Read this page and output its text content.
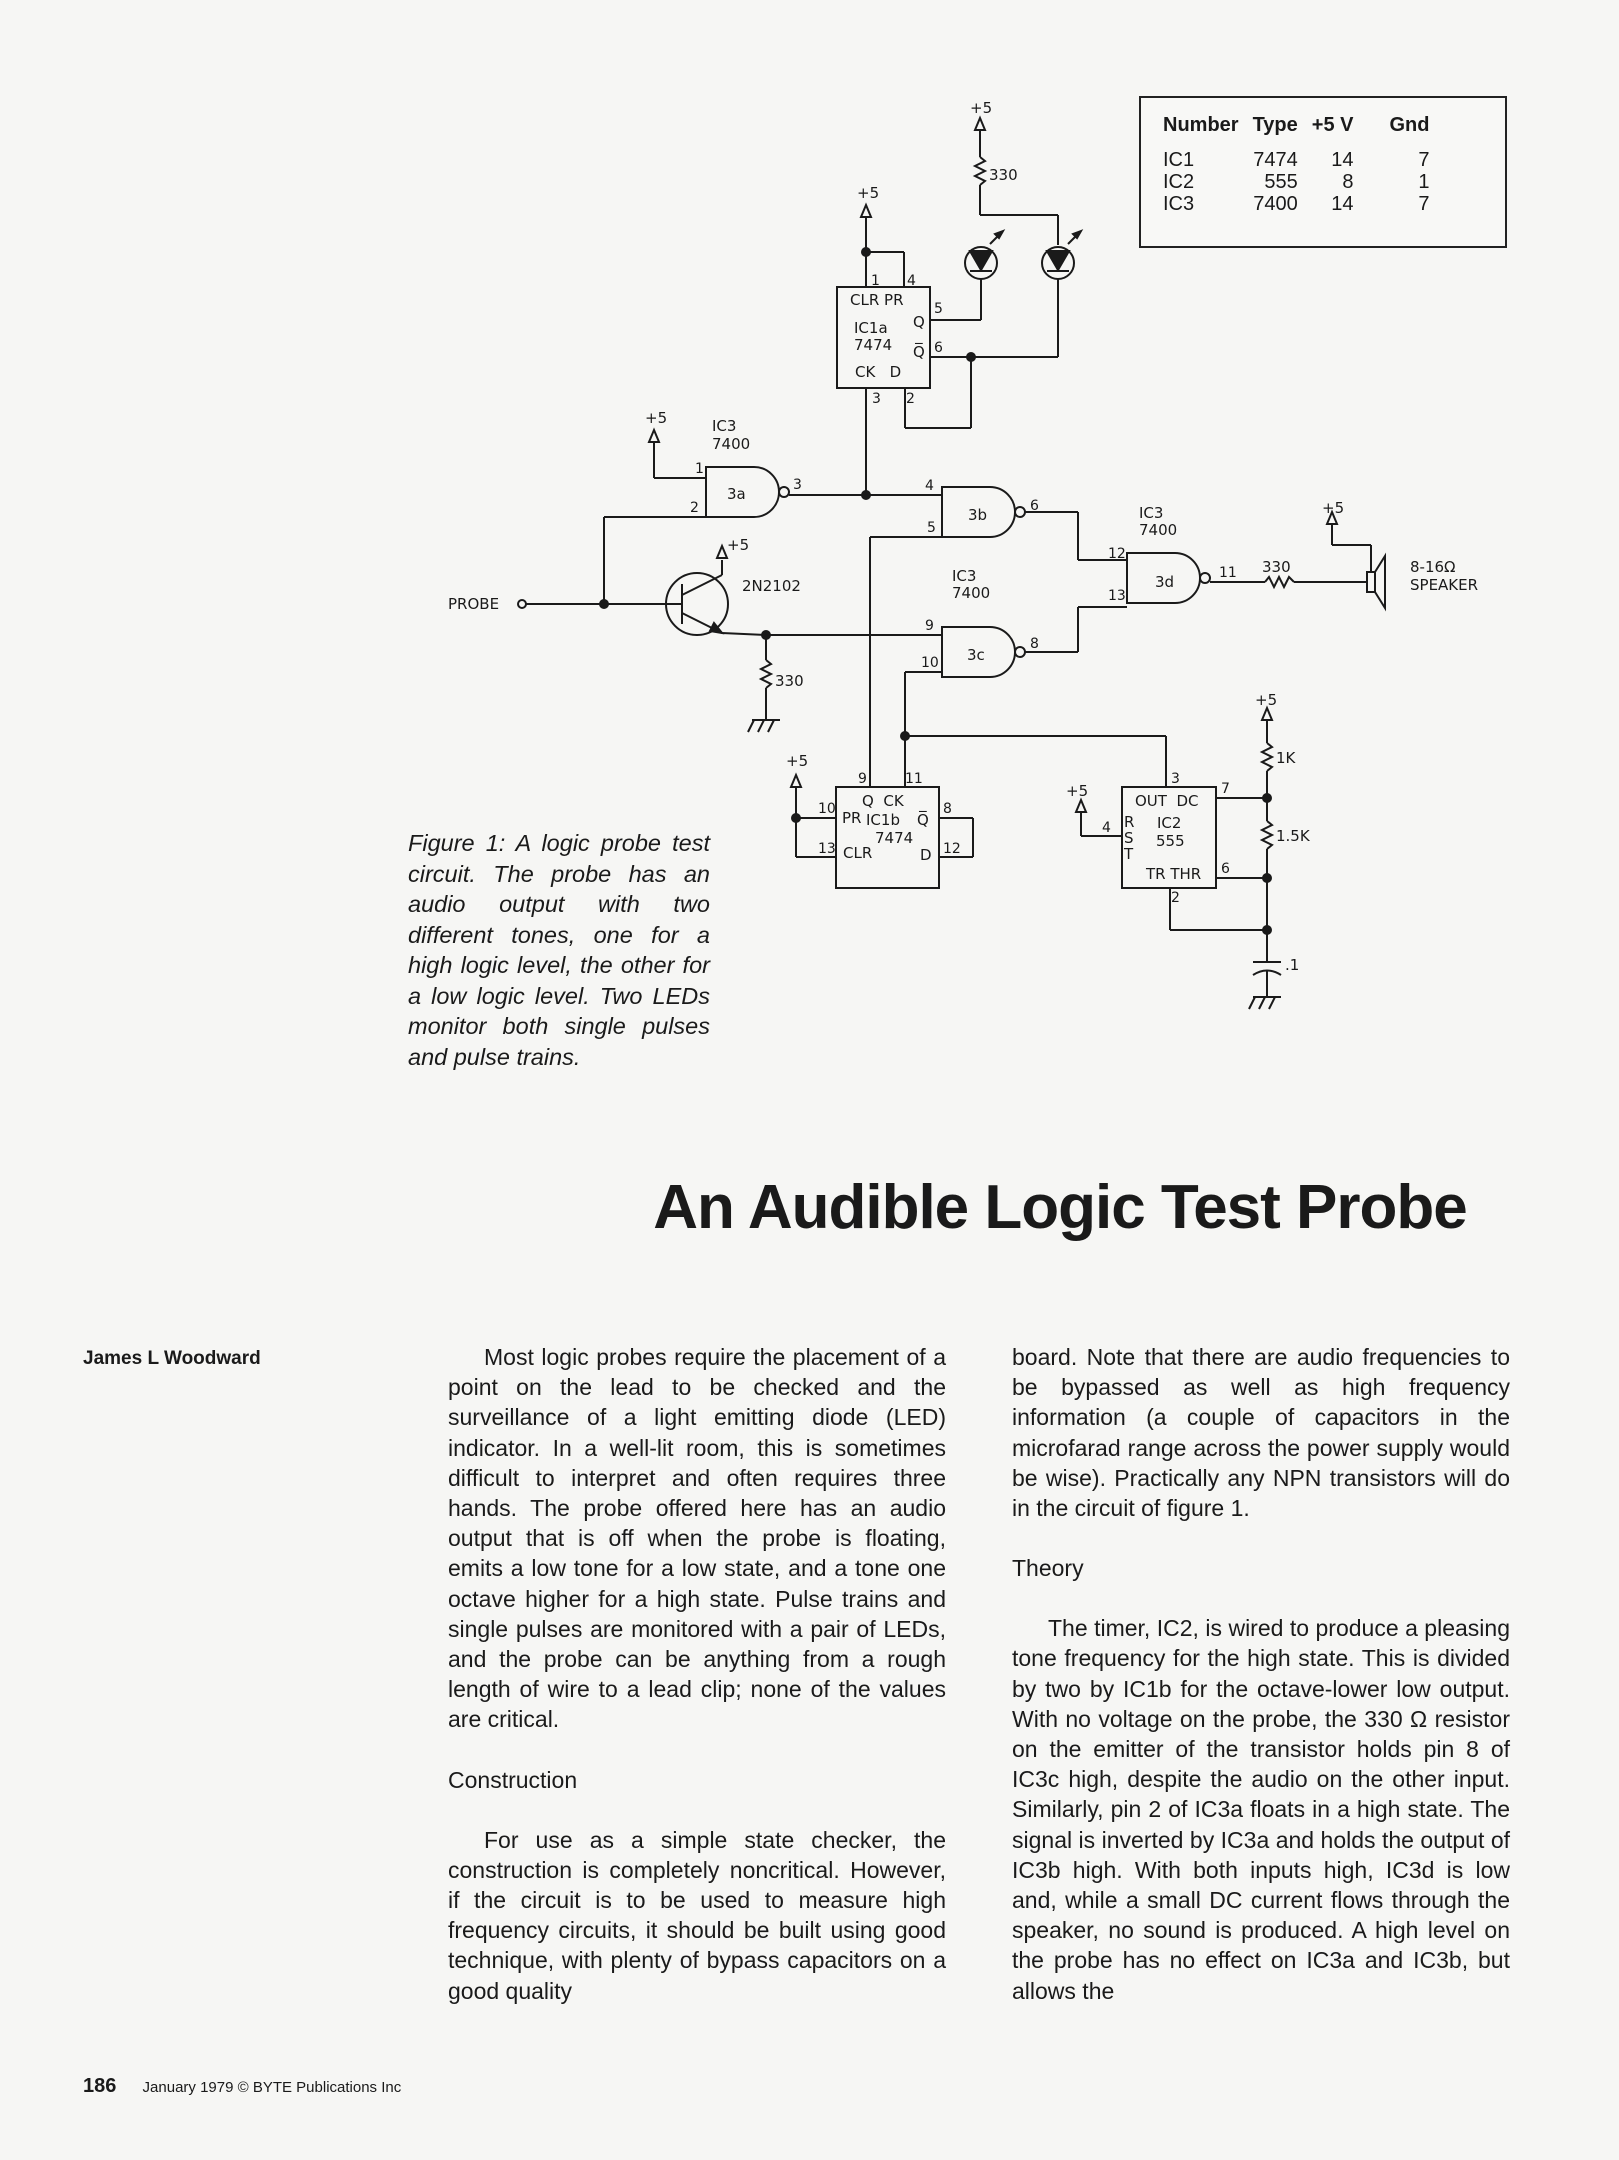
+5
330
CLR PR
IC1a Q
7474 Q̅
CK   D
1 4
5
6
3 2
+5
3a
IC3
7400
+5
1
2
3
3b
4
5
6
IC3
7400
3c
9
10
8
3d
IC3
7400
12
13
11 330
+5
8-16Ω
SPEAKER
PROBE
+5
2N2102
330
Q  CK
PR IC1b Q̅
7474
CLR	D
9	11
10
13
8
12
+5
OUT  DC
R
S
T
IC2
555
TR THR
3
7
4
6
2
+5
+5
1K
1.5K
.1
Number	Type	+5 V	Gnd
IC1	7474	14	7
IC2	555	8	1
IC3	7400	14	7
Figure 1: A logic probe test circuit. The probe has an audio output with two different tones, one for a high logic level, the other for a low logic level. Two LEDs monitor both single pulses and pulse trains.
An Audible Logic Test Probe
James L Woodward	Most logic probes require the placement of a point on the lead to be checked and the surveillance of a light emitting diode (LED) indicator. In a well-lit room, this is sometimes difficult to interpret and often requires three hands. The probe offered here has an audio output that is off when the probe is floating, emits a low tone for a low state, and a tone one octave higher for a high state. Pulse trains and single pulses are monitored with a pair of LEDs, and the probe can be anything from a rough length of wire to a lead clip; none of the values are critical.

Construction

For use as a simple state checker, the construction is completely noncritical. However, if the circuit is to be used to measure high frequency circuits, it should be built using good technique, with plenty of bypass capacitors on a good quality

board. Note that there are audio frequencies to be bypassed as well as high frequency information (a couple of capacitors in the microfarad range across the power supply would be wise). Practically any NPN transistors will do in the circuit of figure 1.

Theory

The timer, IC2, is wired to produce a pleasing tone frequency for the high state. This is divided by two by IC1b for the octave-lower low output. With no voltage on the probe, the 330 Ω resistor on the emitter of the transistor holds pin 8 of IC3c high, despite the audio on the other input. Similarly, pin 2 of IC3a floats in a high state. The signal is inverted by IC3a and holds the output of IC3b high. With both inputs high, IC3d is low and, while a small DC current flows through the speaker, no sound is produced. A high level on the probe has no effect on IC3a and IC3b, but allows the

186 January 1979 © BYTE Publications Inc
